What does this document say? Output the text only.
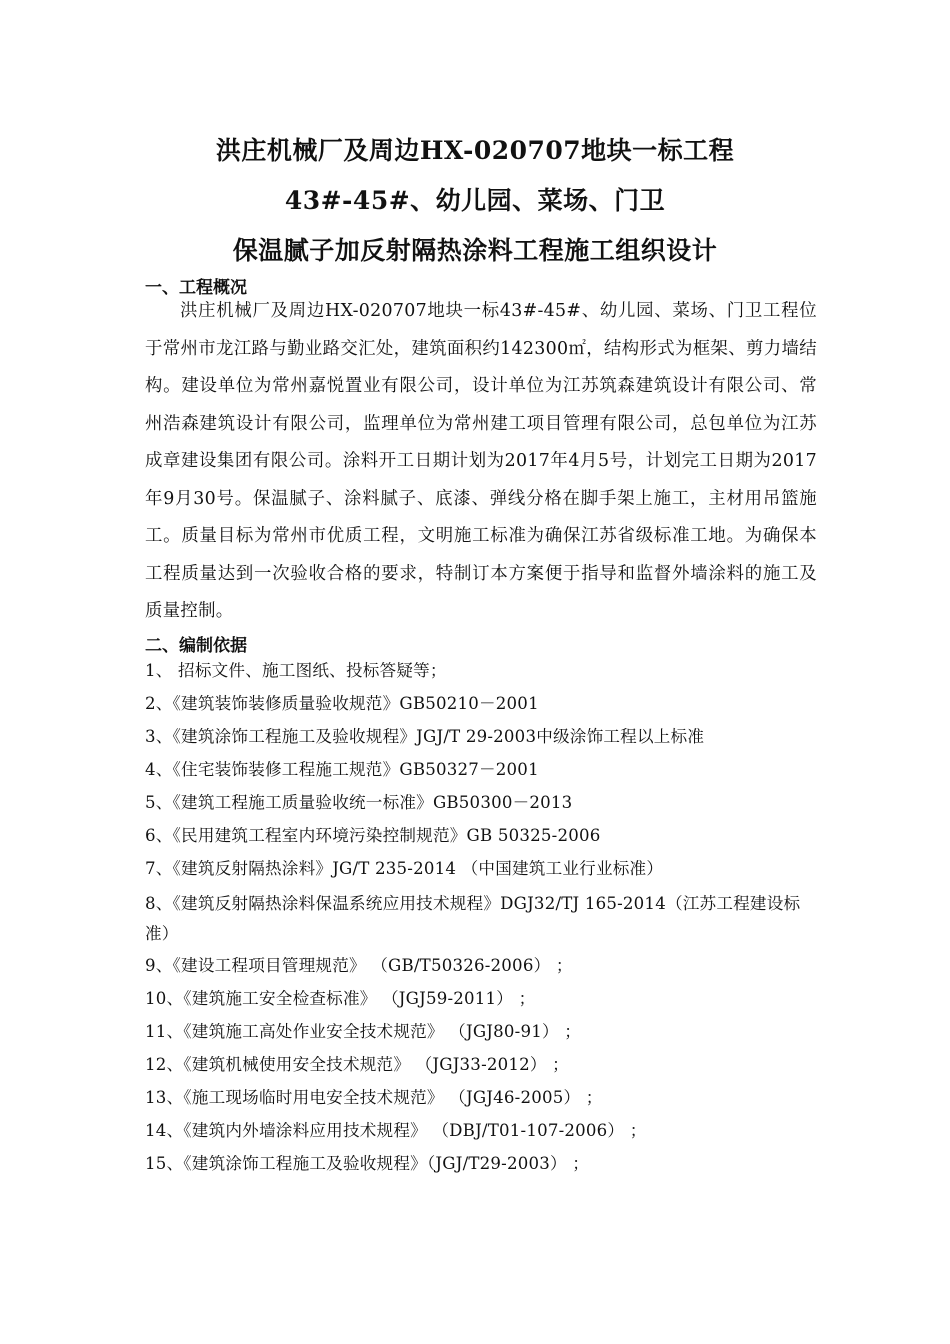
洪庄机械厂及周边HX-020707地块一标工程
43#-45#、幼儿园、菜场、门卫
保温腻子加反射隔热涂料工程施工组织设计
一、工程概况
洪庄机械厂及周边HX-020707地块一标43#-45#、幼儿园、菜场、门卫工程位于常州市龙江路与勤业路交汇处，建筑面积约142300㎡，结构形式为框架、剪力墙结构。建设单位为常州嘉悦置业有限公司，设计单位为江苏筑森建筑设计有限公司、常州浩森建筑设计有限公司，监理单位为常州建工项目管理有限公司，总包单位为江苏成章建设集团有限公司。涂料开工日期计划为2017年4月5号，计划完工日期为2017年9月30号。保温腻子、涂料腻子、底漆、弹线分格在脚手架上施工，主材用吊篮施工。质量目标为常州市优质工程，文明施工标准为确保江苏省级标准工地。为确保本工程质量达到一次验收合格的要求，特制订本方案便于指导和监督外墙涂料的施工及质量控制。
二、编制依据
1、 招标文件、施工图纸、投标答疑等；
2、《建筑装饰装修质量验收规范》GB50210－2001
3、《建筑涂饰工程施工及验收规程》JGJ/T 29-2003中级涂饰工程以上标准
4、《住宅装饰装修工程施工规范》GB50327－2001
5、《建筑工程施工质量验收统一标准》GB50300－2013
6、《民用建筑工程室内环境污染控制规范》GB 50325-2006
7、《建筑反射隔热涂料》JG/T 235-2014 （中国建筑工业行业标准）
8、《建筑反射隔热涂料保温系统应用技术规程》DGJ32/TJ 165-2014（江苏工程建设标准）
9、《建设工程项目管理规范》 （GB/T50326-2006） ；
10、《建筑施工安全检查标准》 （JGJ59-2011） ；
11、《建筑施工高处作业安全技术规范》 （JGJ80-91） ；
12、《建筑机械使用安全技术规范》 （JGJ33-2012） ；
13、《施工现场临时用电安全技术规范》 （JGJ46-2005） ；
14、《建筑内外墙涂料应用技术规程》 （DBJ/T01-107-2006） ；
15、《建筑涂饰工程施工及验收规程》（JGJ/T29-2003） ；
